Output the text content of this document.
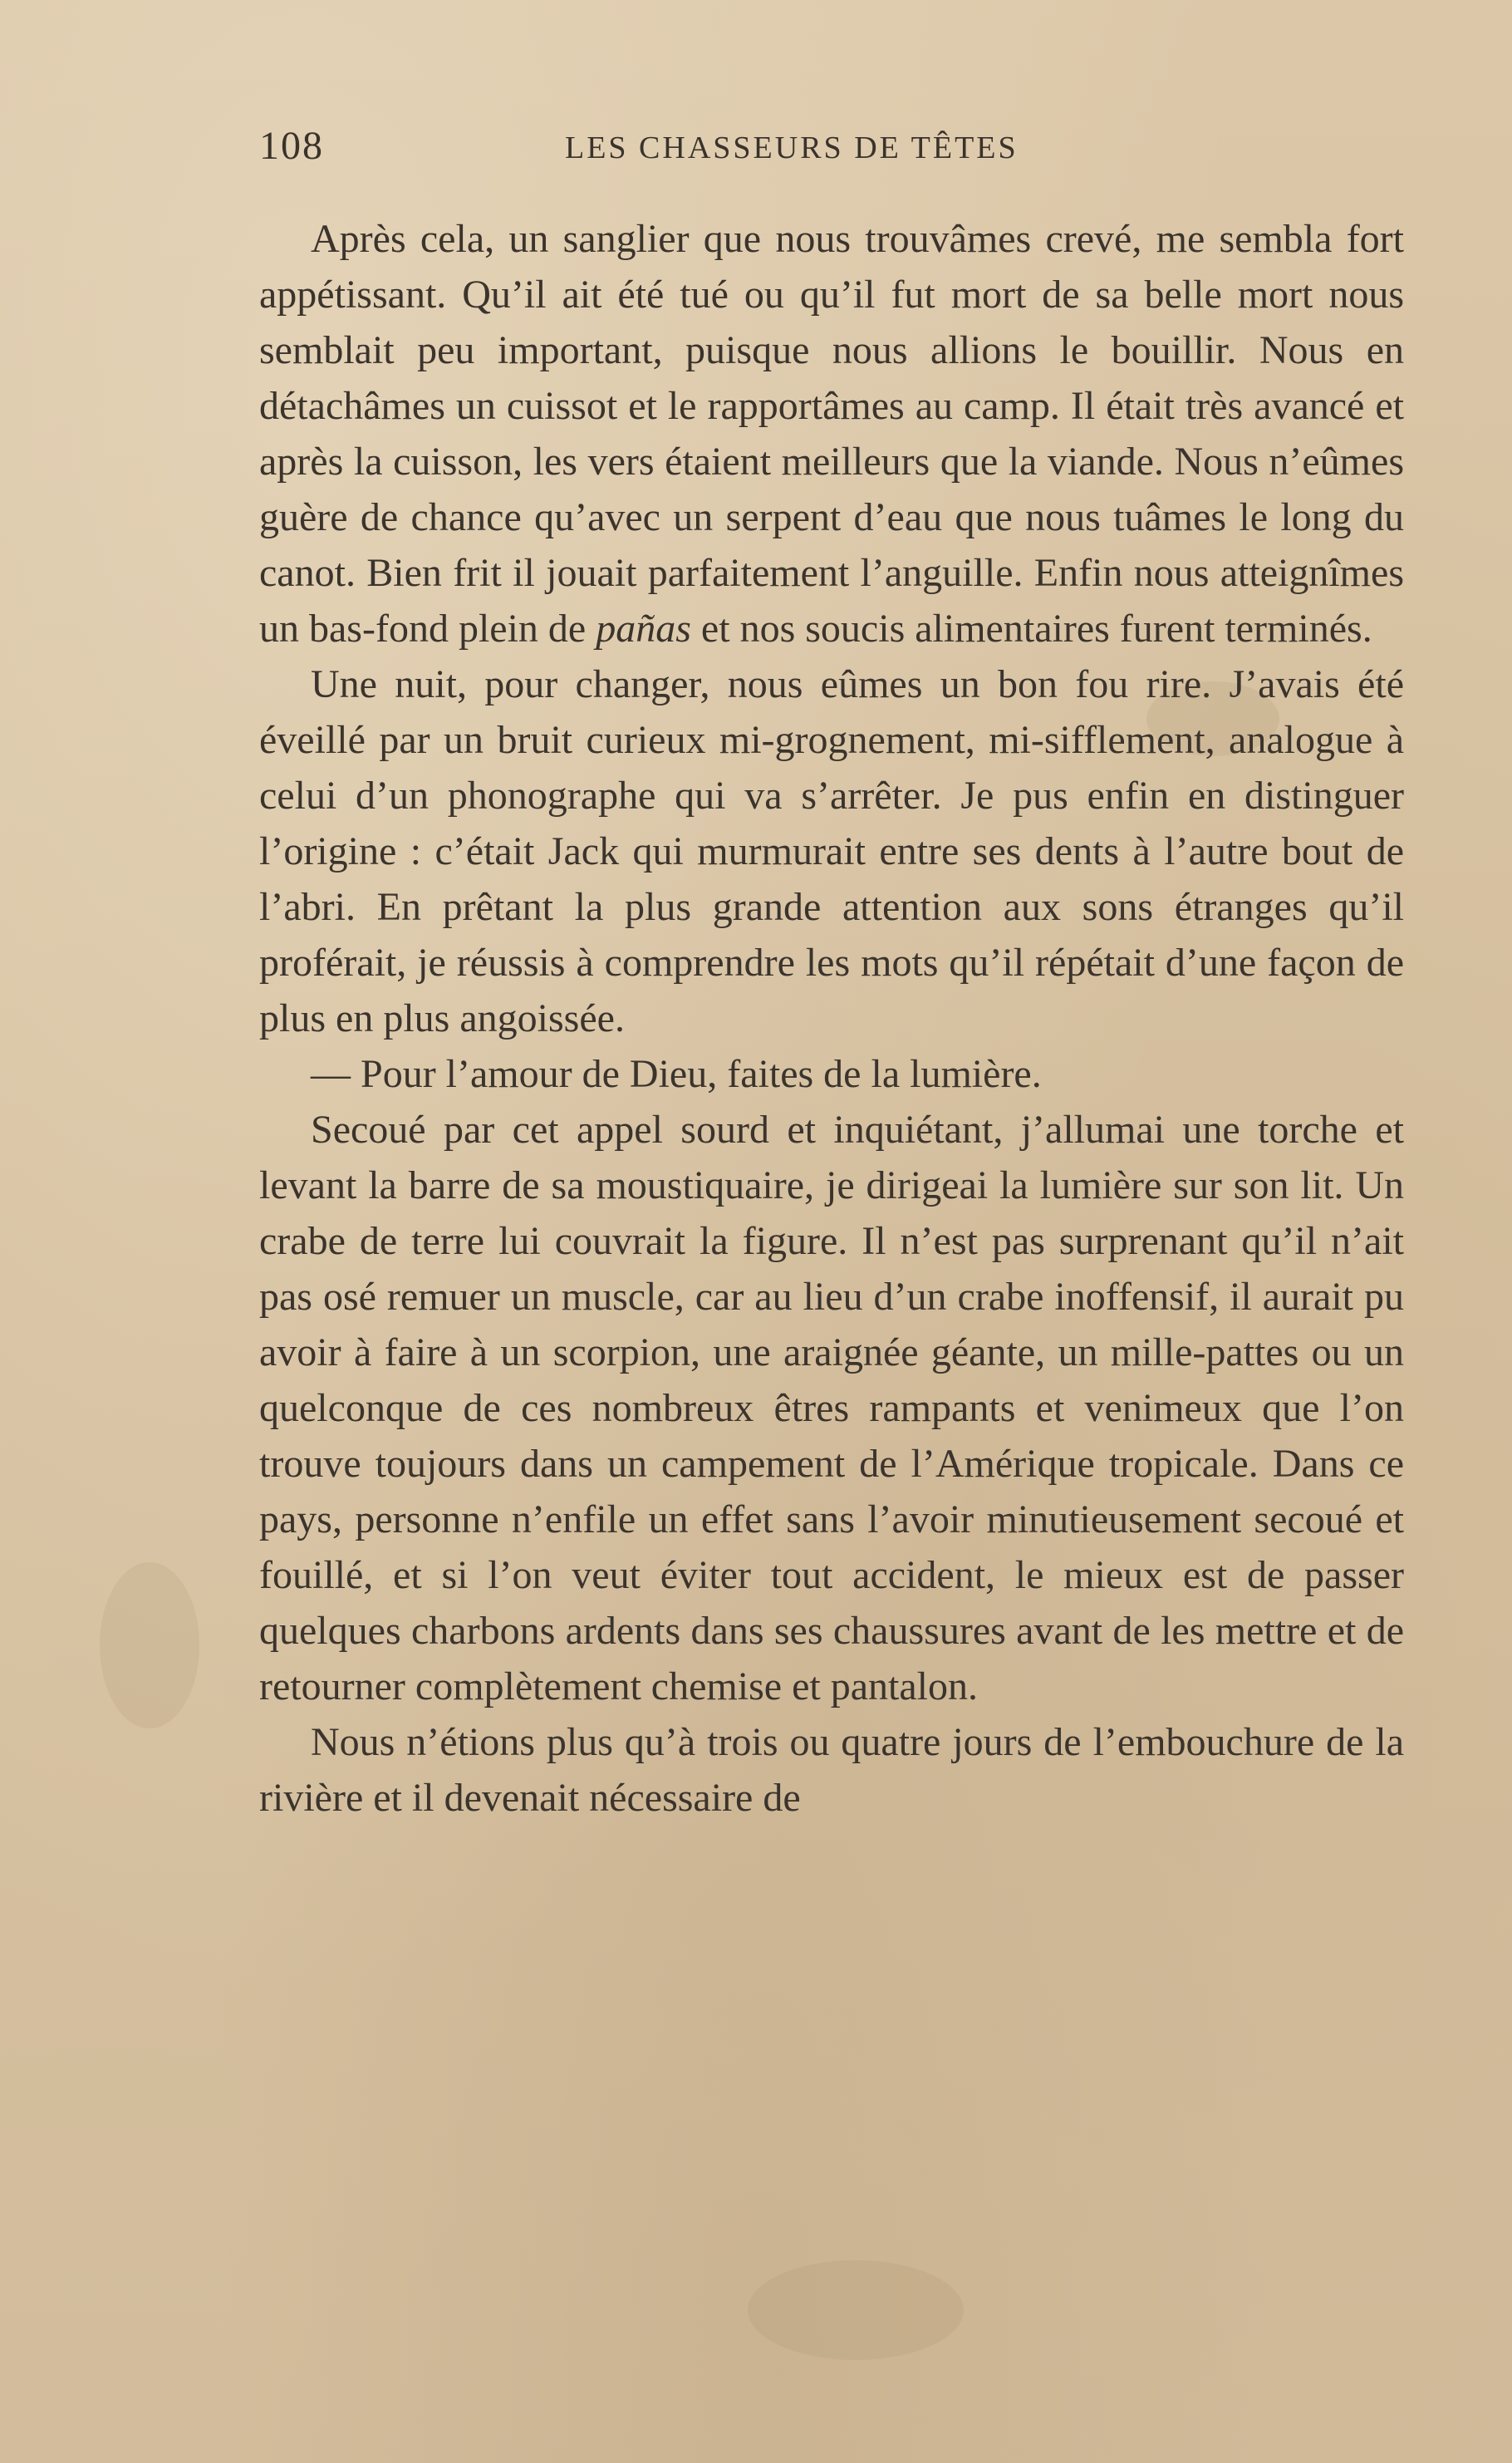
108	LES CHASSEURS DE TÊTES

Après cela, un sanglier que nous trouvâmes crevé, me sembla fort appétissant. Qu’il ait été tué ou qu’il fut mort de sa belle mort nous semblait peu important, puisque nous allions le bouillir. Nous en détachâmes un cuissot et le rapportâmes au camp. Il était très avancé et après la cuisson, les vers étaient meilleurs que la viande. Nous n’eûmes guère de chance qu’avec un serpent d’eau que nous tuâmes le long du canot. Bien frit il jouait parfaitement l’anguille. Enfin nous atteignîmes un bas-fond plein de pañas et nos soucis alimentaires furent terminés.

Une nuit, pour changer, nous eûmes un bon fou rire. J’avais été éveillé par un bruit curieux mi-grognement, mi-sifflement, analogue à celui d’un phonographe qui va s’arrêter. Je pus enfin en distinguer l’origine : c’était Jack qui murmurait entre ses dents à l’autre bout de l’abri. En prêtant la plus grande attention aux sons étranges qu’il proférait, je réussis à comprendre les mots qu’il répétait d’une façon de plus en plus angoissée.

— Pour l’amour de Dieu, faites de la lumière.

Secoué par cet appel sourd et inquiétant, j’allumai une torche et levant la barre de sa moustiquaire, je dirigeai la lumière sur son lit. Un crabe de terre lui couvrait la figure. Il n’est pas surprenant qu’il n’ait pas osé remuer un muscle, car au lieu d’un crabe inoffensif, il aurait pu avoir à faire à un scorpion, une araignée géante, un mille-pattes ou un quelconque de ces nombreux êtres rampants et venimeux que l’on trouve toujours dans un campement de l’Amérique tropicale. Dans ce pays, personne n’enfile un effet sans l’avoir minutieusement secoué et fouillé, et si l’on veut éviter tout accident, le mieux est de passer quelques charbons ardents dans ses chaussures avant de les mettre et de retourner complètement chemise et pantalon.

Nous n’étions plus qu’à trois ou quatre jours de l’embouchure de la rivière et il devenait nécessaire de
